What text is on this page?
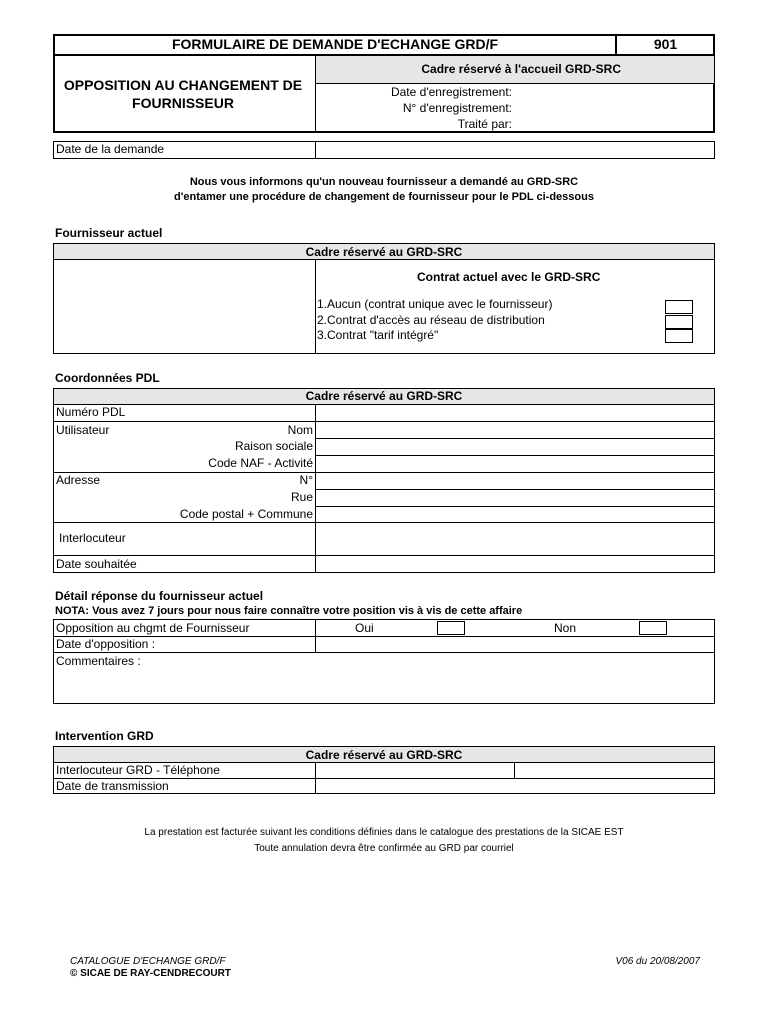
FORMULAIRE DE DEMANDE D'ECHANGE GRD/F	901
OPPOSITION AU CHANGEMENT DE FOURNISSEUR
Cadre réservé à l'accueil GRD-SRC
Date d'enregistrement:
N° d'enregistrement:
Traité par:
Date de la demande
Nous vous informons qu'un nouveau fournisseur a demandé au GRD-SRC
d'entamer une procédure de changement de fournisseur pour le PDL ci-dessous
Fournisseur actuel
Cadre réservé au GRD-SRC
Contrat actuel avec le GRD-SRC
1.Aucun (contrat unique avec le fournisseur)
2.Contrat d'accès au réseau de distribution
3.Contrat "tarif intégré"
Coordonnées PDL
Cadre réservé au GRD-SRC
Numéro PDL
Utilisateur	Nom
Raison sociale
Code NAF - Activité
Adresse	N°
Rue
Code postal + Commune
Interlocuteur
Date souhaitée
Détail réponse du fournisseur actuel
NOTA: Vous avez 7 jours pour nous faire connaître votre position vis à vis de cette affaire
Opposition au chgmt de Fournisseur	Oui	Non
Date d'opposition :
Commentaires :
Intervention GRD
Cadre réservé au GRD-SRC
Interlocuteur GRD - Téléphone
Date de transmission
La prestation est facturée suivant les conditions définies dans le catalogue des prestations de la SICAE EST
Toute annulation devra être confirmée au GRD par courriel
CATALOGUE D'ECHANGE GRD/F
© SICAE DE RAY-CENDRECOURT
V06 du 20/08/2007
